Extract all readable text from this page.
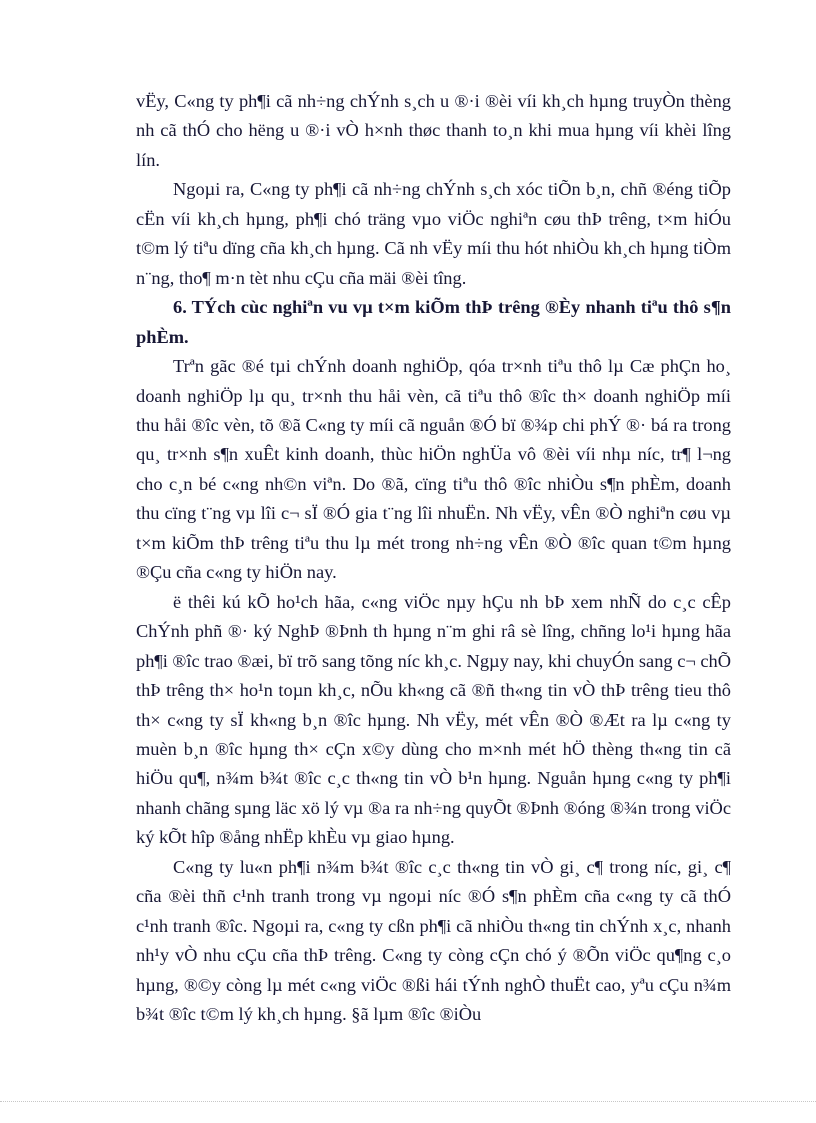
vËy, C«ng ty ph¶i cã nh÷ng chÝnh s¸ch u ®·i ®èi víi kh¸ch hµng truyÒn thèng nh cã thÓ cho hëng u ®·i vÒ h×nh thøc thanh to¸n khi mua hµng víi khèi lîng lín.

Ngoµi ra, C«ng ty ph¶i cã nh÷ng chÝnh s¸ch xóc tiÕn b¸n, chñ ®éng tiÕp cËn víi kh¸ch hµng, ph¶i chó träng vµo viÖc nghiªn cøu thÞ trêng, t×m hiÓu t©m lý tiªu dïng cña kh¸ch hµng. Cã nh vËy míi thu hót nhiÒu kh¸ch hµng tiÒm n¨ng, tho¶ m·n tèt nhu cÇu cña mäi ®èi tîng.

6. TÝch cùc nghiªn vu vµ t×m kiÕm thÞ trêng ®Èy nhanh tiªu thô s¶n phÈm.

Trªn gãc ®é tµi chÝnh doanh nghiÖp, qóa tr×nh tiªu thô lµ Cæ phÇn ho¸ doanh nghiÖp lµ qu¸ tr×nh thu håi vèn, cã tiªu thô ®îc th× doanh nghiÖp míi thu håi ®îc vèn, tõ ®ã C«ng ty míi cã nguån ®Ó bï ®¾p chi phÝ ®· bá ra trong qu¸ tr×nh s¶n xuÊt kinh doanh, thùc hiÖn nghÜa vô ®èi víi nhµ níc, tr¶ l¬ng cho c¸n bé c«ng nh©n viªn. Do ®ã, cïng tiªu thô ®îc nhiÒu s¶n phÈm, doanh thu cïng t¨ng vµ lîi c¬ sÏ ®Ó gia t¨ng lîi nhuËn. Nh vËy, vÊn ®Ò nghiªn cøu vµ t×m kiÕm thÞ trêng tiªu thu lµ mét trong nh÷ng vÊn ®Ò ®îc quan t©m hµng ®Çu cña c«ng ty hiÖn nay.

ë thêi kú kÕ ho¹ch hãa, c«ng viÖc nµy hÇu nh bÞ xem nhÑ do c¸c cÊp ChÝnh phñ ®· ký NghÞ ®Þnh th hµng n¨m ghi râ sè lîng, chñng lo¹i hµng hãa ph¶i ®îc trao ®æi, bï trõ sang tõng níc kh¸c. Ngµy nay, khi chuyÓn sang c¬ chÕ thÞ trêng th× ho¹n toµn kh¸c, nÕu kh«ng cã ®ñ th«ng tin vÒ thÞ trêng tieu thô th× c«ng ty sÏ kh«ng b¸n ®îc hµng. Nh vËy, mét vÊn ®Ò ®Æt ra lµ c«ng ty muèn b¸n ®îc hµng th× cÇn x©y dùng cho m×nh mét hÖ thèng th«ng tin cã hiÖu qu¶, n¾m b¾t ®îc c¸c th«ng tin vÒ b¹n hµng. Nguån hµng c«ng ty ph¶i nhanh chãng sµng läc xö lý vµ ®a ra nh÷ng quyÕt ®Þnh ®óng ®¾n trong viÖc ký kÕt hîp ®ång nhËp khÈu vµ giao hµng.

C«ng ty lu«n ph¶i n¾m b¾t ®îc c¸c th«ng tin vÒ gi¸ c¶ trong níc, gi¸ c¶ cña ®èi thñ c¹nh tranh trong vµ ngoµi níc ®Ó s¶n phÈm cña c«ng ty cã thÓ c¹nh tranh ®îc. Ngoµi ra, c«ng ty cßn ph¶i cã nhiÒu th«ng tin chÝnh x¸c, nhanh nh¹y vÒ nhu cÇu cña thÞ trêng. C«ng ty còng cÇn chó ý ®Õn viÖc qu¶ng c¸o hµng, ®©y còng lµ mét c«ng viÖc ®ßi hái tÝnh nghÒ thuËt cao, yªu cÇu n¾m b¾t ®îc t©m lý kh¸ch hµng. §ã lµm ®îc ®iÒu
